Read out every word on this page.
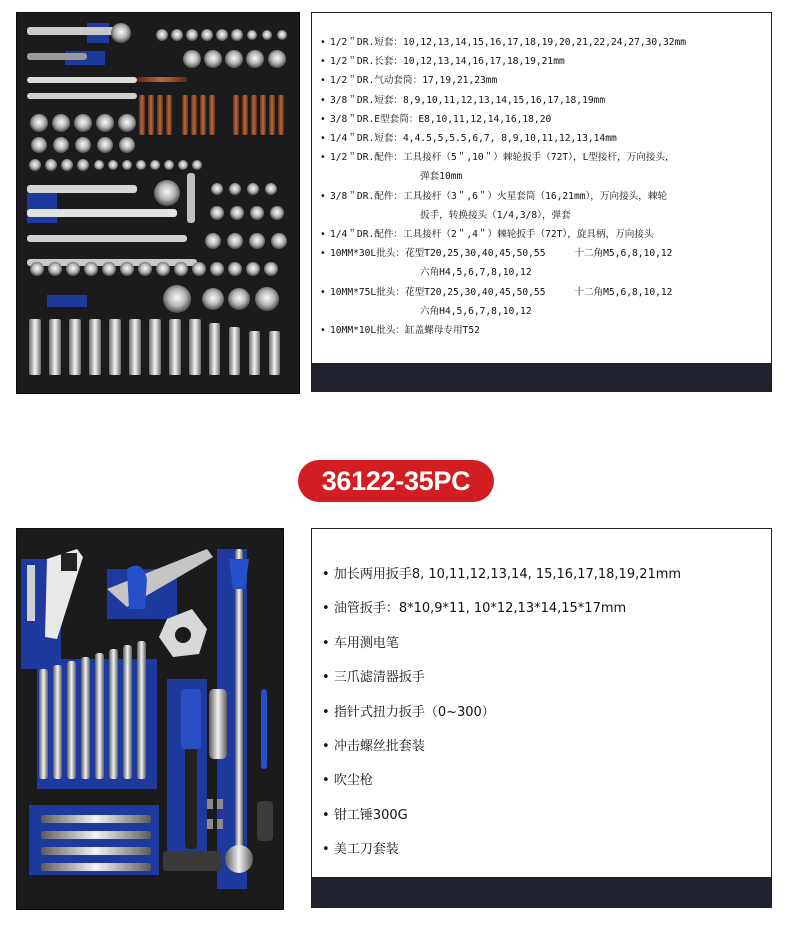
• 1/2＂DR.短套：10,12,13,14,15,16,17,18,19,20,21,22,24,27,30,32mm
• 1/2＂DR.长套：10,12,13,14,16,17,18,19,21mm
• 1/2＂DR.气动套筒：17,19,21,23mm
• 3/8＂DR.短套：8,9,10,11,12,13,14,15,16,17,18,19mm
• 3/8＂DR.E型套筒：E8,10,11,12,14,16,18,20
• 1/4＂DR.短套：4,4.5,5,5.5,6,7, 8,9,10,11,12,13,14mm
• 1/2＂DR.配件：工具接杆（5＂,10＂）棘轮扳手（72T），L型接杆，万向接头，
弹套10mm
• 3/8＂DR.配件：工具接杆（3＂,6＂）火星套筒（16,21mm），万向接头，棘轮
扳手，转换接头（1/4,3/8），弹套
• 1/4＂DR.配件：工具接杆（2＂,4＂）棘轮扳手（72T），旋具柄，万向接头
• 10MM*30L批头：花型T20,25,30,40,45,50,55     十二角M5,6,8,10,12
六角H4,5,6,7,8,10,12
• 10MM*75L批头：花型T20,25,30,40,45,50,55     十二角M5,6,8,10,12
六角H4,5,6,7,8,10,12
• 10MM*10L批头：缸盖螺母专用T52
36122-35PC
• 加长两用扳手8, 10,11,12,13,14, 15,16,17,18,19,21mm
• 油管扳手：8*10,9*11, 10*12,13*14,15*17mm
• 车用测电笔
• 三爪滤清器扳手
• 指针式扭力扳手（0~300）
• 冲击螺丝批套装
• 吹尘枪
• 钳工锤300G
• 美工刀套装
